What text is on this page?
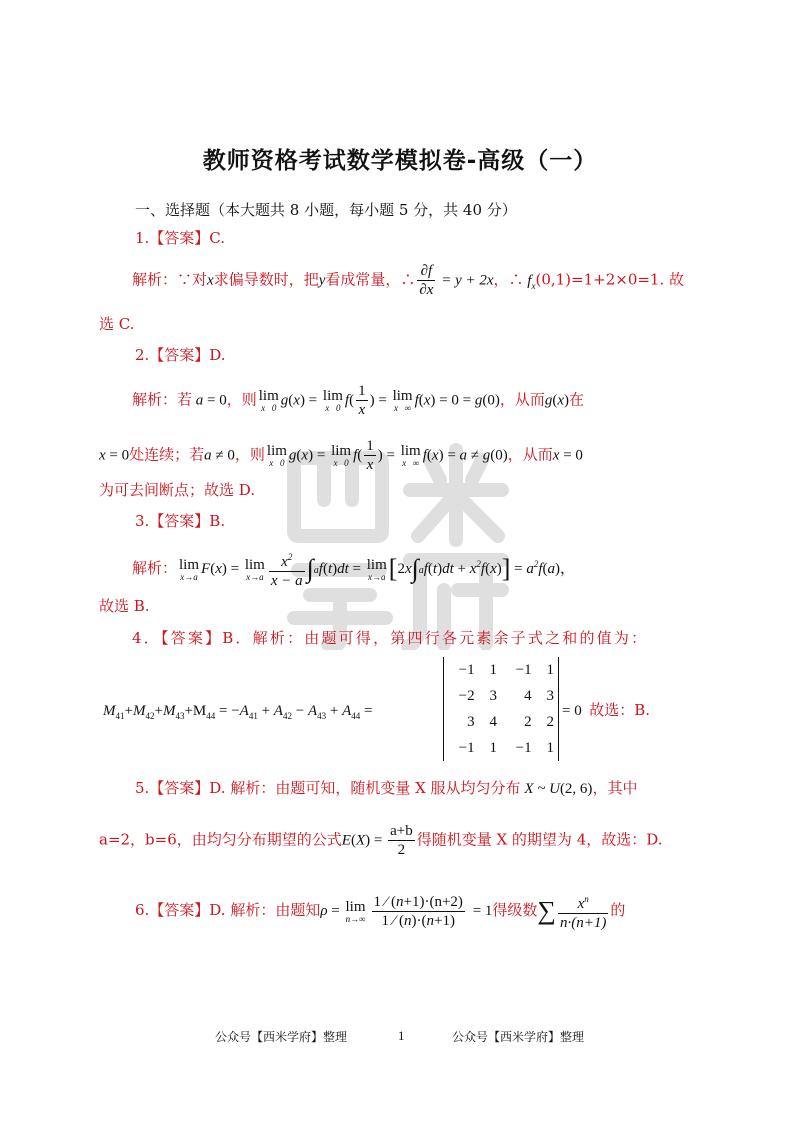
教师资格考试数学模拟卷-高级（一）
一、选择题（本大题共 8 小题，每小题 5 分，共 40 分）
1.【答案】C.
解析：∵对x求偏导数时，把y看成常量，∴ $\frac{\partial f}{\partial x} = y + 2x$，∴ $f_x(0,1)=1+2\times 0=1$. 故
选 C.
2.【答案】D.
解析：若 a = 0，则 lim
x   0 g(x) = lim
x   0 $f( \frac{1}{x}$ ) = lim
x   ∞ f(x) = 0 = g(0)，从而g(x)在
x = 0处连续；若a ≠ 0，则 lim
x   0 g(x) = lim
x   0 $f( \frac{1}{x}$ ) = lim
x   ∞ f(x) = a ≠ g(0)，从而x = 0
为可去间断点；故选 D.
3.【答案】B.
解析： lim
x→a F(x) = lim
$x\to a \frac{x^2}{x - a} \int af(t)dt = \lim$
x→a $[2x\int af(t)dt + x^2f(x)] = a^2f(a)$，
故选 B.
4．【答案】B．解析：由题可得，第四行各元素余子式之和的值为：
$M_{41}+M_{42}+M_{43}+M_{44} = -A_{41} + A_{42} - A_{43} + A_{44}$ =
−1	1	−1	1
−2	3	4	3
3	4	2	2
−1	1	−1	1
= 0  故选：B.
5.【答案】D. 解析：由题可知，随机变量 X 服从均匀分布 X ~ U(2, 6)，其中
a=2，b=6，由均匀分布期望的公式$E(X) = \frac{a+b}{2}$ 得随机变量 X 的期望为 4，故选：D.
6.【答案】D. 解析：由题知ρ = lim
$n\to\infty \frac{1 ⁄ (n+1)\cdot(n+2)}{1 ⁄ (n)\cdot(n+1)} = 1$得级数∑ $\frac{x^n}{n\cdot(n+1)}$ 的
公众号【西米学府】整理	1	公众号【西米学府】整理
